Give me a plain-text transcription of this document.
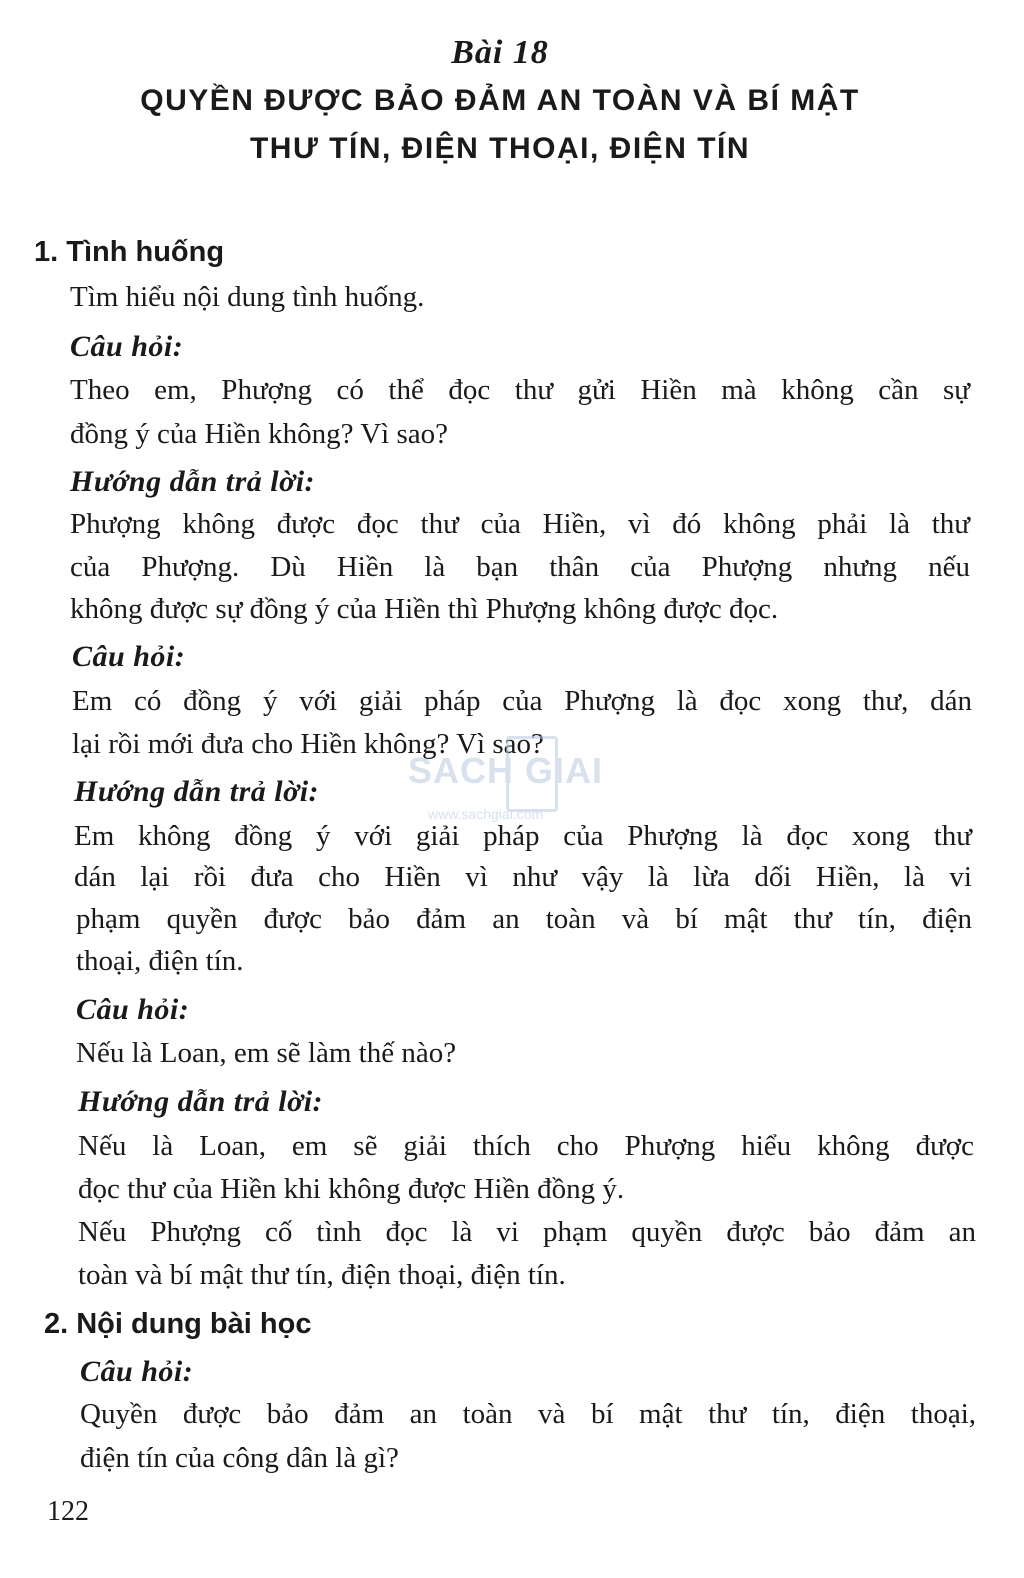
Bài 18
QUYỀN ĐƯỢC BẢO ĐẢM AN TOÀN VÀ BÍ MẬT
THƯ TÍN, ĐIỆN THOẠI, ĐIỆN TÍN
1. Tình huống
Tìm hiểu nội dung tình huống.
Câu hỏi:
Theo em, Phượng có thể đọc thư gửi Hiền mà không cần sự
đồng ý của Hiền không? Vì sao?
Hướng dẫn trả lời:
Phượng không được đọc thư của Hiền, vì đó không phải là thư
của Phượng. Dù Hiền là bạn thân của Phượng nhưng nếu
không được sự đồng ý của Hiền thì Phượng không được đọc.
Câu hỏi:
Em có đồng ý với giải pháp của Phượng là đọc xong thư, dán
lại rồi mới đưa cho Hiền không? Vì sao?
Hướng dẫn trả lời:
Em không đồng ý với giải pháp của Phượng là đọc xong thư
dán lại rồi đưa cho Hiền vì như vậy là lừa dối Hiền, là vi
phạm quyền được bảo đảm an toàn và bí mật thư tín, điện
thoại, điện tín.
Câu hỏi:
Nếu là Loan, em sẽ làm thế nào?
Hướng dẫn trả lời:
Nếu là Loan, em sẽ giải thích cho Phượng hiểu không được
đọc thư của Hiền khi không được Hiền đồng ý.
Nếu Phượng cố tình đọc là vi phạm quyền được bảo đảm an
toàn và bí mật thư tín, điện thoại, điện tín.
2. Nội dung bài học
Câu hỏi:
Quyền được bảo đảm an toàn và bí mật thư tín, điện thoại,
điện tín của công dân là gì?
SACH GIAI
www.sachgiai.com
122
